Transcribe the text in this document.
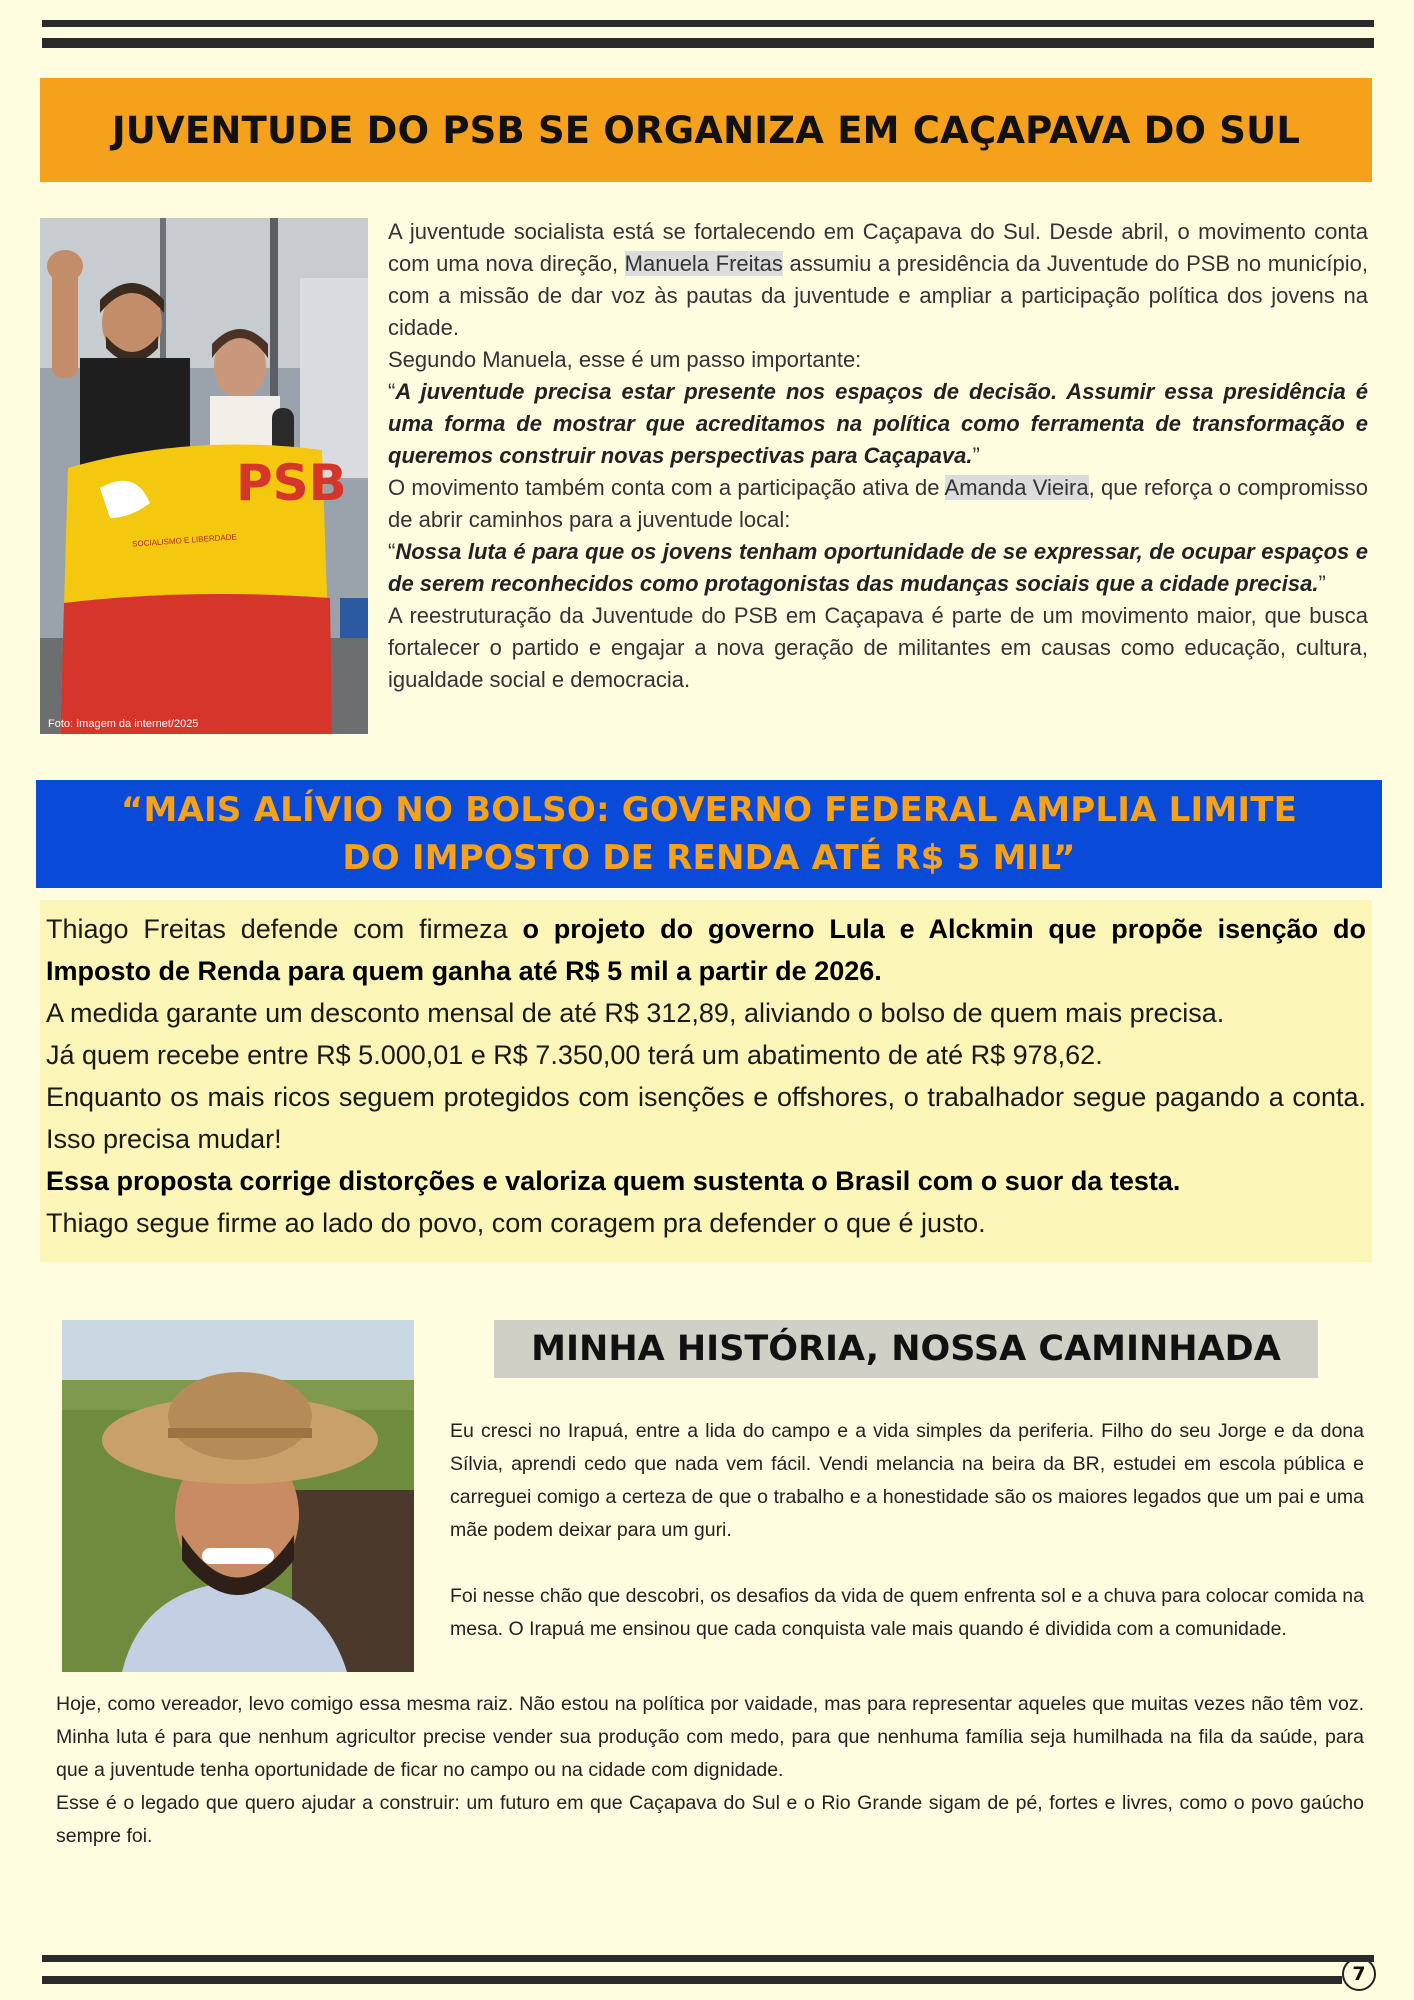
JUVENTUDE DO PSB SE ORGANIZA EM CAÇAPAVA DO SUL
PSB
SOCIALISMO E LIBERDADE
Foto: Imagem da internet/2025

A juventude socialista está se fortalecendo em Caçapava do Sul. Desde abril, o movimento conta com uma nova direção, Manuela Freitas assumiu a presidência da Juventude do PSB no município, com a missão de dar voz às pautas da juventude e ampliar a participação política dos jovens na cidade.

Segundo Manuela, esse é um passo importante:

“A juventude precisa estar presente nos espaços de decisão. Assumir essa presidência é uma forma de mostrar que acreditamos na política como ferramenta de transformação e queremos construir novas perspectivas para Caçapava.”

O movimento também conta com a participação ativa de Amanda Vieira, que reforça o compromisso de abrir caminhos para a juventude local:

“Nossa luta é para que os jovens tenham oportunidade de se expressar, de ocupar espaços e de serem reconhecidos como protagonistas das mudanças sociais que a cidade precisa.”

A reestruturação da Juventude do PSB em Caçapava é parte de um movimento maior, que busca fortalecer o partido e engajar a nova geração de militantes em causas como educação, cultura, igualdade social e democracia.

“MAIS ALÍVIO NO BOLSO: GOVERNO FEDERAL AMPLIA LIMITE
DO IMPOSTO DE RENDA ATÉ R$ 5 MIL”

Thiago Freitas defende com firmeza o projeto do governo Lula e Alckmin que propõe isenção do Imposto de Renda para quem ganha até R$ 5 mil a partir de 2026.

A medida garante um desconto mensal de até R$ 312,89, aliviando o bolso de quem mais precisa.

Já quem recebe entre R$ 5.000,01 e R$ 7.350,00 terá um abatimento de até R$ 978,62.

Enquanto os mais ricos seguem protegidos com isenções e offshores, o trabalhador segue pagando a conta. Isso precisa mudar!

Essa proposta corrige distorções e valoriza quem sustenta o Brasil com o suor da testa.

Thiago segue firme ao lado do povo, com coragem pra defender o que é justo.

MINHA HISTÓRIA, NOSSA CAMINHADA

Eu cresci no Irapuá, entre a lida do campo e a vida simples da periferia. Filho do seu Jorge e da dona Sílvia, aprendi cedo que nada vem fácil. Vendi melancia na beira da BR, estudei em escola pública e carreguei comigo a certeza de que o trabalho e a honestidade são os maiores legados que um pai e uma mãe podem deixar para um guri.

Foi nesse chão que descobri, os desafios da vida de quem enfrenta sol e a chuva para colocar comida na mesa. O Irapuá me ensinou que cada conquista vale mais quando é dividida com a comunidade.

Hoje, como vereador, levo comigo essa mesma raiz. Não estou na política por vaidade, mas para representar aqueles que muitas vezes não têm voz. Minha luta é para que nenhum agricultor precise vender sua produção com medo, para que nenhuma família seja humilhada na fila da saúde, para que a juventude tenha oportunidade de ficar no campo ou na cidade com dignidade.

Esse é o legado que quero ajudar a construir: um futuro em que Caçapava do Sul e o Rio Grande sigam de pé, fortes e livres, como o povo gaúcho sempre foi.

7
